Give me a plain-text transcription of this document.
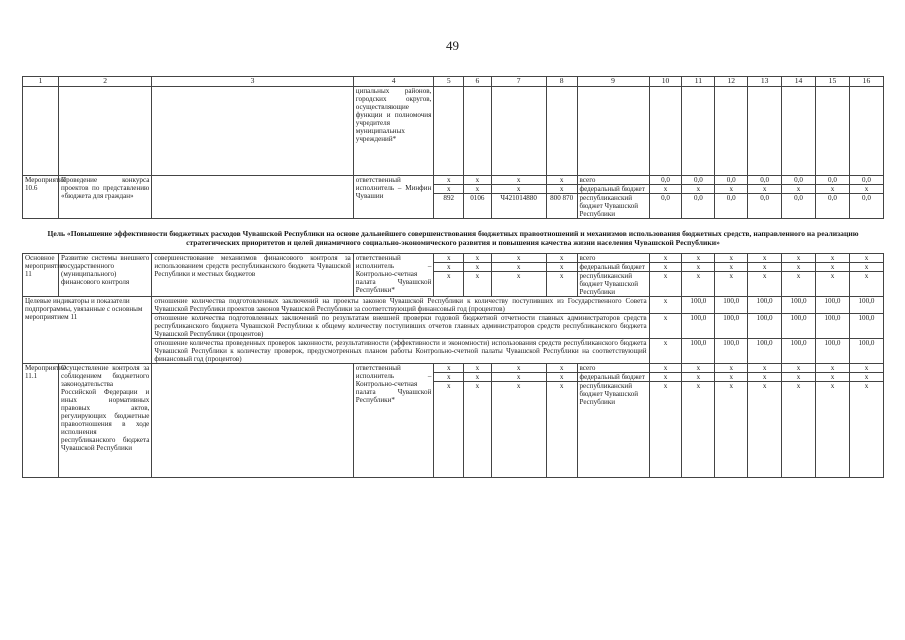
49
1	2	3	4	5	6	7	8	9	10	11	12	13	14	15	16
			ципальных районов, городских округов, осуществляющие функции и полномочия учредителя муниципальных учреждений*												
Мероприятие 10.6	Проведение конкурса проектов по представлению «бюджета для граждан»		ответственный исполнитель – Минфин Чувашии	x	x	x	x	всего	0,0	0,0	0,0	0,0	0,0	0,0	0,0
				x	x	x	x	федеральный бюджет	x	x	x	x	x	x	x
				892	0106	Ч421014880	800 870	республиканский бюджет Чувашской Республики	0,0	0,0	0,0	0,0	0,0	0,0	0,0
Цель «Повышение эффективности бюджетных расходов Чувашской Республики на основе дальнейшего совершенствования бюджетных правоотношений и механизмов использования бюджетных средств, направленного на реализацию стратегических приоритетов и целей динамичного социально-экономического развития и повышения качества жизни населения Чувашской Республики»															
Основное мероприятие 11	Развитие системы внешнего государственного (муниципального) финансового контроля	совершенствование механизмов финансового контроля за использованием средств республиканского бюджета Чувашской Республики и местных бюджетов	ответственный исполнитель – Контрольно-счетная палата Чувашской Республики*	x	x	x	x	всего	x	x	x	x	x	x	x
				x	x	x	x	федеральный бюджет	x	x	x	x	x	x	x
				x	x	x	x	республиканский бюджет Чувашской Республики	x	x	x	x	x	x	x
Целевые индикаторы и показатели подпрограммы, увязанные с основным мероприятием 11		отношение количества подготовленных заключений на проекты законов Чувашской Республики к количеству поступивших из Государственного Совета Чувашской Республики проектов законов Чувашской Республики за соответствующий финансовый год (процентов)							x	100,0	100,0	100,0	100,0	100,0	100,0
		отношение количества подготовленных заключений по результатам внешней проверки годовой бюджетной отчетности главных администраторов средств республиканского бюджета Чувашской Республики к общему количеству поступивших отчетов главных администраторов средств республиканского бюджета Чувашской Республики (процентов)							x	100,0	100,0	100,0	100,0	100,0	100,0
		отношение количества проведенных проверок законности, результативности (эффективности и экономности) использования средств республиканского бюджета Чувашской Республики к количеству проверок, предусмотренных планом работы Контрольно-счетной палаты Чувашской Республики на соответствующий финансовый год (процентов)							x	100,0	100,0	100,0	100,0	100,0	100,0
Мероприятие 11.1	Осуществление контроля за соблюдением бюджетного законодательства Российской Федерации и иных нормативных правовых актов, регулирующих бюджетные правоотношения в ходе исполнения республиканского бюджета Чувашской Республики		ответственный исполнитель – Контрольно-счетная палата Чувашской Республики*	x	x	x	x	всего	x	x	x	x	x	x	x
				x	x	x	x	федеральный бюджет	x	x	x	x	x	x	x
				x	x	x	x	республиканский бюджет Чувашской Республики	x	x	x	x	x	x	x
